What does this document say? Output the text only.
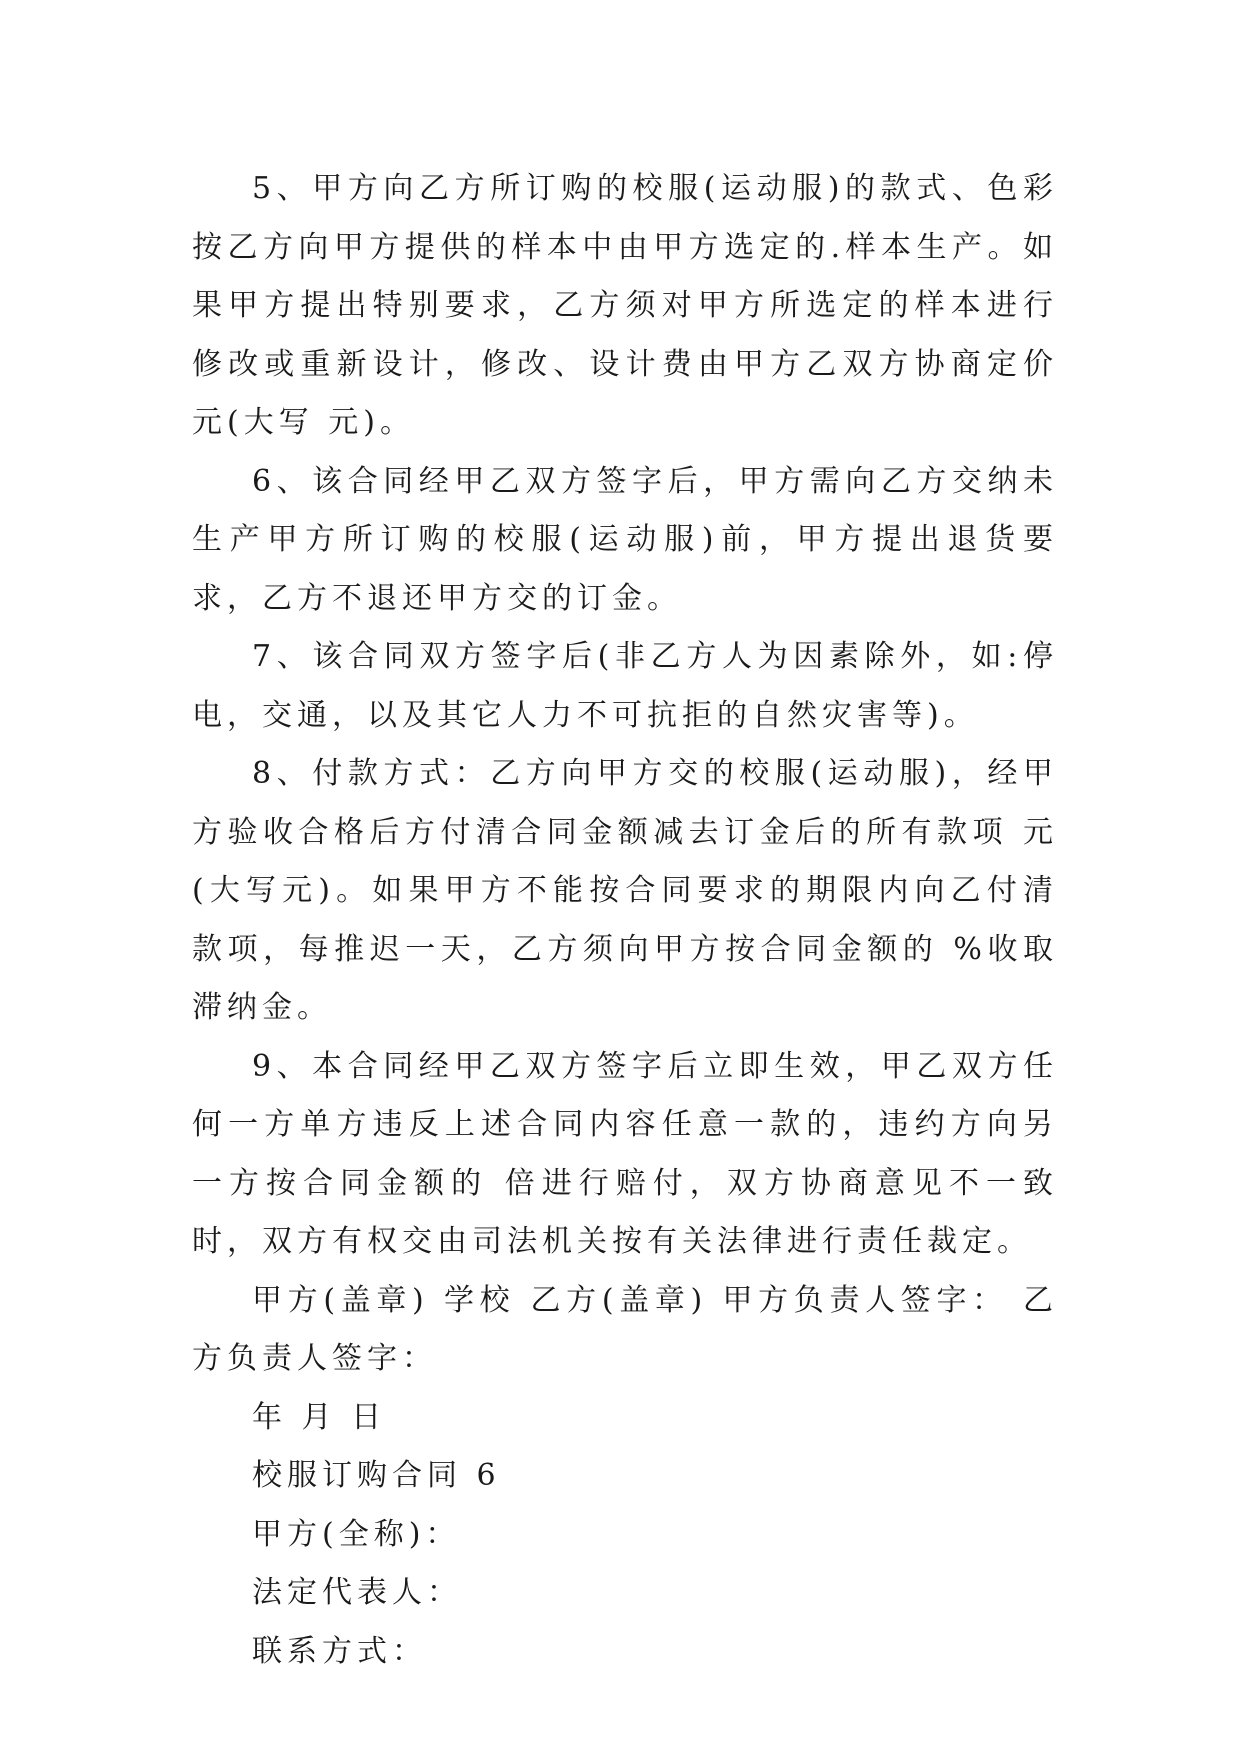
5、甲方向乙方所订购的校服(运动服)的款式、色彩按乙方向甲方提供的样本中由甲方选定的.样本生产。如果甲方提出特别要求，乙方须对甲方所选定的样本进行修改或重新设计，修改、设计费由甲方乙双方协商定价 元(大写 元)。

6、该合同经甲乙双方签字后，甲方需向乙方交纳未生产甲方所订购的校服(运动服)前，甲方提出退货要求，乙方不退还甲方交的订金。

7、该合同双方签字后(非乙方人为因素除外，如:停电，交通，以及其它人力不可抗拒的自然灾害等)。

8、付款方式：乙方向甲方交的校服(运动服)，经甲方验收合格后方付清合同金额减去订金后的所有款项 元(大写元)。如果甲方不能按合同要求的期限内向乙付清款项，每推迟一天，乙方须向甲方按合同金额的 %收取滞纳金。

9、本合同经甲乙双方签字后立即生效，甲乙双方任何一方单方违反上述合同内容任意一款的，违约方向另一方按合同金额的 倍进行赔付，双方协商意见不一致时，双方有权交由司法机关按有关法律进行责任裁定。

甲方(盖章) 学校 乙方(盖章) 甲方负责人签字： 乙方负责人签字：

年 月 日

校服订购合同 6

甲方(全称)：

法定代表人：

联系方式：
